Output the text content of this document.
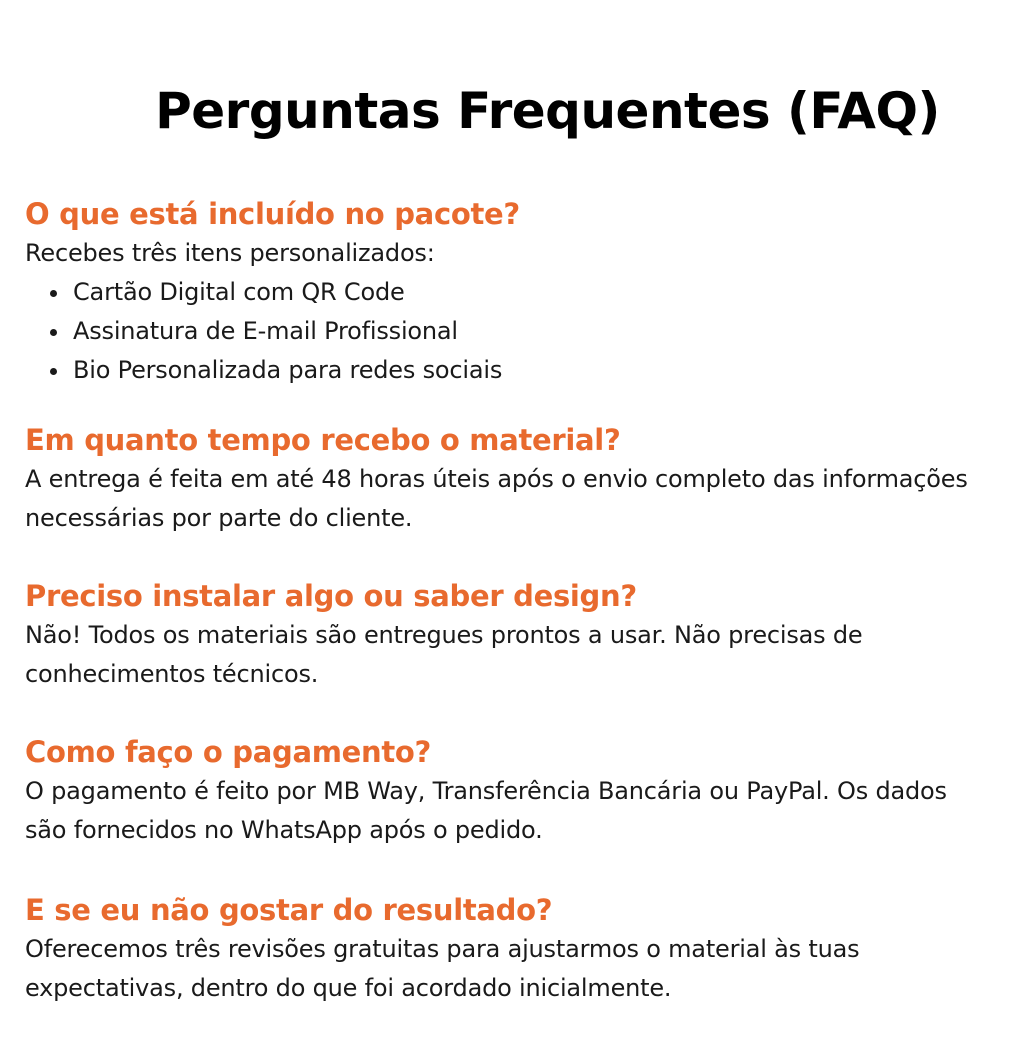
Perguntas Frequentes (FAQ)
O que está incluído no pacote?

Recebes três itens personalizados:

Cartão Digital com QR Code
Assinatura de E-mail Profissional
Bio Personalizada para redes sociais
Em quanto tempo recebo o material?

A entrega é feita em até 48 horas úteis após o envio completo das informações necessárias por parte do cliente.

Preciso instalar algo ou saber design?

Não! Todos os materiais são entregues prontos a usar. Não precisas de conhecimentos técnicos.

Como faço o pagamento?

O pagamento é feito por MB Way, Transferência Bancária ou PayPal. Os dados são fornecidos no WhatsApp após o pedido.

E se eu não gostar do resultado?

Oferecemos três revisões gratuitas para ajustarmos o material às tuas expectativas, dentro do que foi acordado inicialmente.
